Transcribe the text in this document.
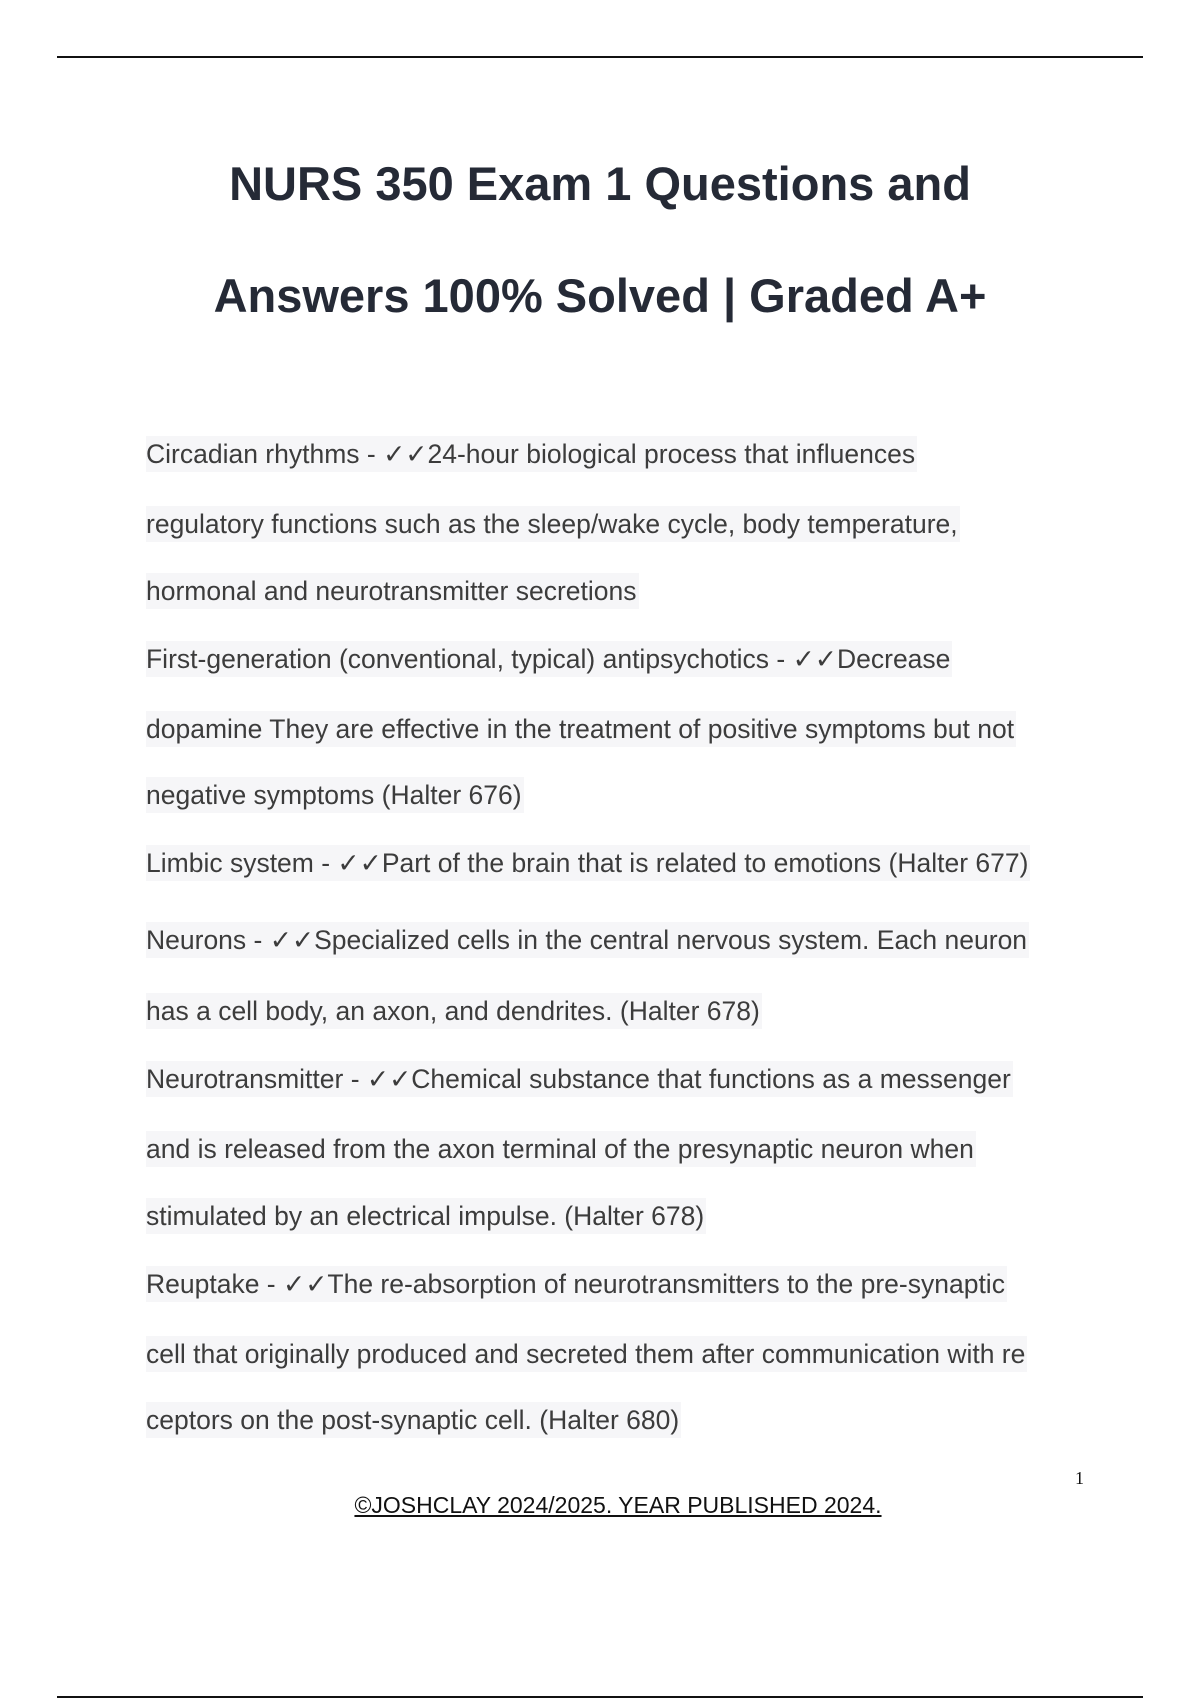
NURS 350 Exam 1 Questions and
Answers 100% Solved | Graded A+
Circadian rhythms - ✓✓24-hour biological process that influences
regulatory functions such as the sleep/wake cycle, body temperature,
hormonal and neurotransmitter secretions
First-generation (conventional, typical) antipsychotics - ✓✓Decrease
dopamine They are effective in the treatment of positive symptoms but not
negative symptoms (Halter 676)
Limbic system - ✓✓Part of the brain that is related to emotions (Halter 677)
Neurons - ✓✓Specialized cells in the central nervous system. Each neuron
has a cell body, an axon, and dendrites. (Halter 678)
Neurotransmitter - ✓✓Chemical substance that functions as a messenger
and is released from the axon terminal of the presynaptic neuron when
stimulated by an electrical impulse. (Halter 678)
Reuptake - ✓✓The re-absorption of neurotransmitters to the pre-synaptic
cell that originally produced and secreted them after communication with re
ceptors on the post-synaptic cell. (Halter 680)
1
©JOSHCLAY 2024/2025. YEAR PUBLISHED 2024.
